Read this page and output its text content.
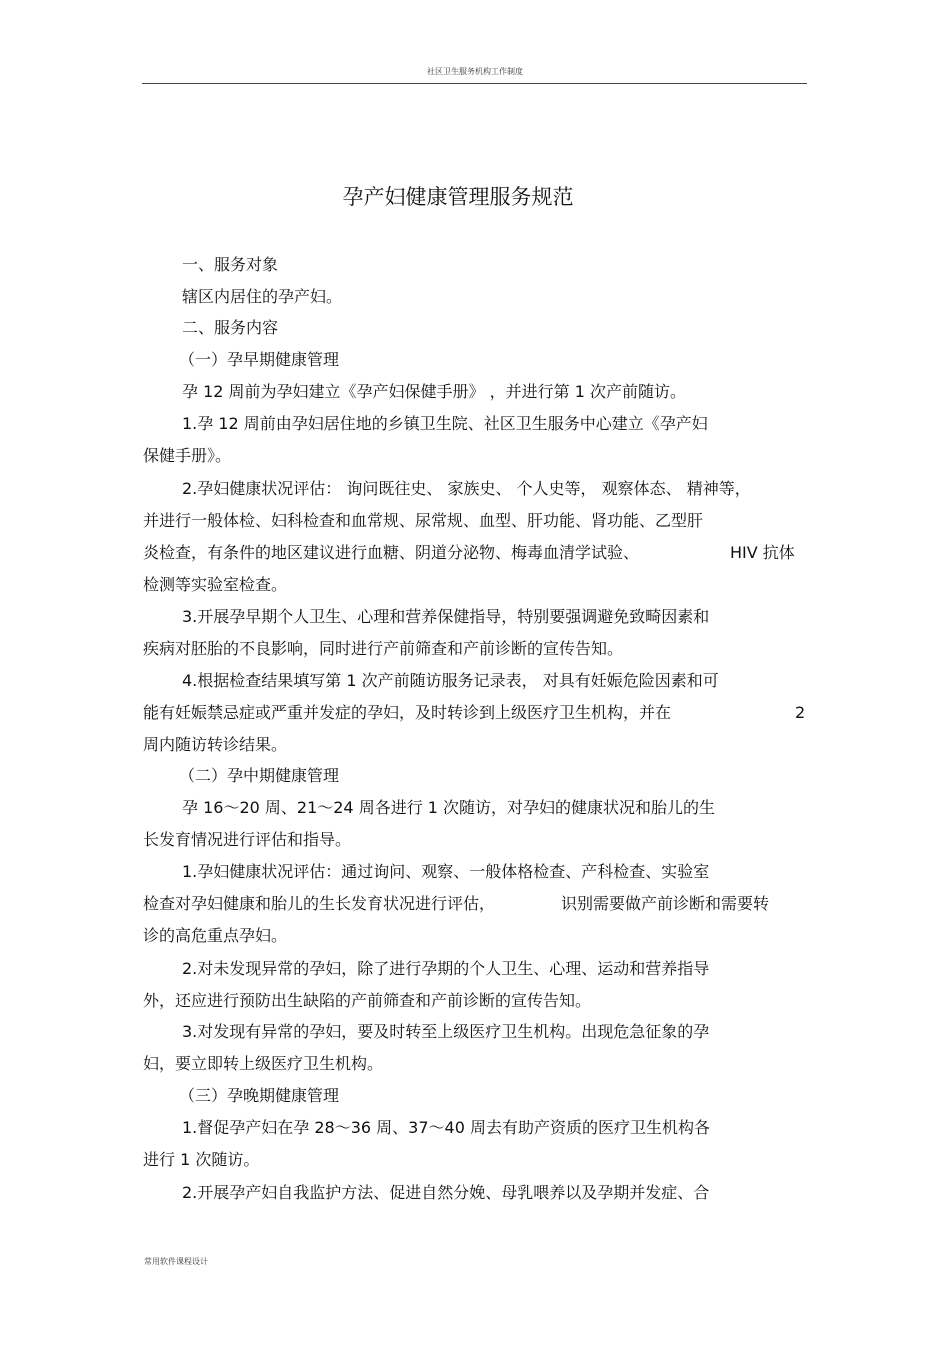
社区卫生服务机构工作制度
孕产妇健康管理服务规范
一、服务对象
辖区内居住的孕产妇。
二、服务内容
（一）孕早期健康管理
孕 12 周前为孕妇建立《孕产妇保健手册》 ，并进行第 1 次产前随访。
1.孕 12 周前由孕妇居住地的乡镇卫生院、社区卫生服务中心建立《孕产妇
保健手册》。
2.孕妇健康状况评估： 询问既往史、 家族史、 个人史等， 观察体态、 精神等，
并进行一般体检、妇科检查和血常规、尿常规、血型、肝功能、肾功能、乙型肝
炎检查，有条件的地区建议进行血糖、阴道分泌物、梅毒血清学试验、	HIV 抗体
检测等实验室检查。
3.开展孕早期个人卫生、心理和营养保健指导，特别要强调避免致畸因素和
疾病对胚胎的不良影响，同时进行产前筛查和产前诊断的宣传告知。
4.根据检查结果填写第 1 次产前随访服务记录表， 对具有妊娠危险因素和可
能有妊娠禁忌症或严重并发症的孕妇，及时转诊到上级医疗卫生机构，并在	2
周内随访转诊结果。
（二）孕中期健康管理
孕 16～20 周、21～24 周各进行 1 次随访，对孕妇的健康状况和胎儿的生
长发育情况进行评估和指导。
1.孕妇健康状况评估：通过询问、观察、一般体格检查、产科检查、实验室
检查对孕妇健康和胎儿的生长发育状况进行评估，	识别需要做产前诊断和需要转
诊的高危重点孕妇。
2.对未发现异常的孕妇，除了进行孕期的个人卫生、心理、运动和营养指导
外，还应进行预防出生缺陷的产前筛查和产前诊断的宣传告知。
3.对发现有异常的孕妇，要及时转至上级医疗卫生机构。出现危急征象的孕
妇，要立即转上级医疗卫生机构。
（三）孕晚期健康管理
1.督促孕产妇在孕 28～36 周、37～40 周去有助产资质的医疗卫生机构各
进行 1 次随访。
2.开展孕产妇自我监护方法、促进自然分娩、母乳喂养以及孕期并发症、合
常用软件课程设计
